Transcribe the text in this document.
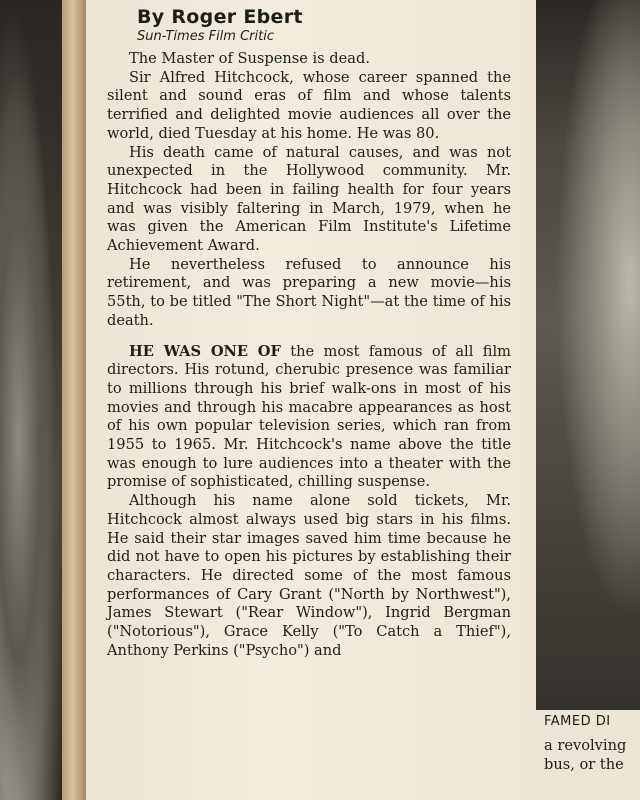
By Roger Ebert
Sun-Times Film Critic

The Master of Suspense is dead.

Sir Alfred Hitchcock, whose career spanned the silent and sound eras of film and whose talents terrified and delighted movie audiences all over the world, died Tuesday at his home. He was 80.

His death came of natural causes, and was not unexpected in the Hollywood community. Mr. Hitchcock had been in failing health for four years and was visibly faltering in March, 1979, when he was given the American Film Institute's Lifetime Achievement Award.

He nevertheless refused to announce his retirement, and was preparing a new movie—his 55th, to be titled "The Short Night"—at the time of his death.

HE WAS ONE OF the most famous of all film directors. His rotund, cherubic presence was familiar to millions through his brief walk-ons in most of his movies and through his macabre appearances as host of his own popular television series, which ran from 1955 to 1965. Mr. Hitchcock's name above the title was enough to lure audiences into a theater with the promise of sophisticated, chilling suspense.

Although his name alone sold tickets, Mr. Hitchcock almost always used big stars in his films. He said their star images saved him time because he did not have to open his pictures by establishing their characters. He directed some of the most famous performances of Cary Grant ("North by Northwest"), James Stewart ("Rear Window"), Ingrid Bergman ("Notorious"), Grace Kelly ("To Catch a Thief"), Anthony Perkins ("Psycho") and

FAMED DI
a revolving
bus, or the
